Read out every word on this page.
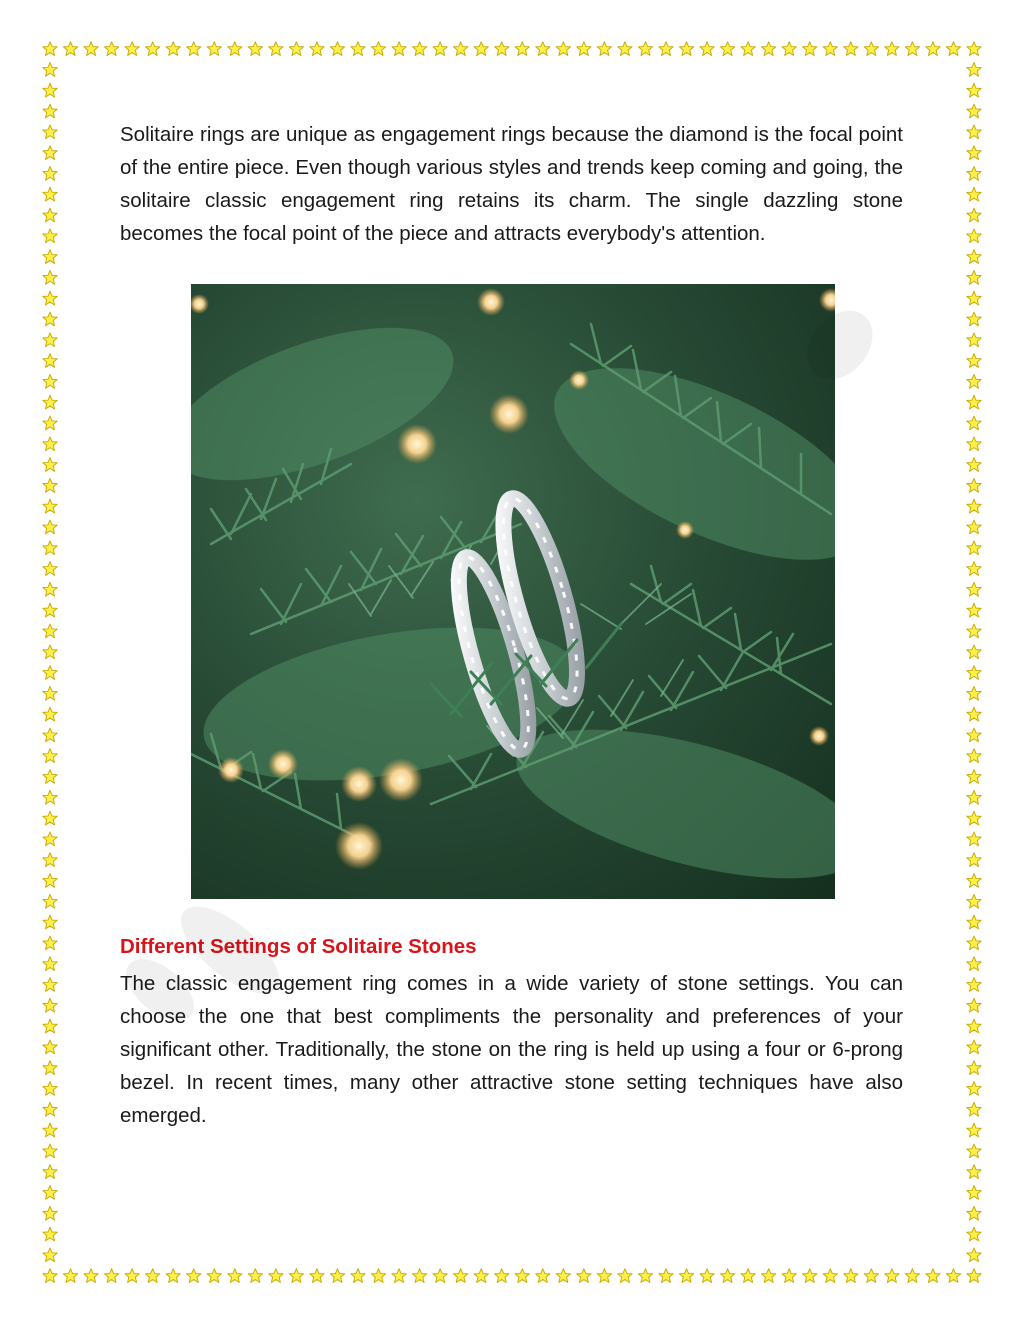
Solitaire rings are unique as engagement rings because the diamond is the focal point of the entire piece. Even though various styles and trends keep coming and going, the solitaire classic engagement ring retains its charm. The single dazzling stone becomes the focal point of the piece and attracts everybody's attention.

Different Settings of Solitaire Stones

The classic engagement ring comes in a wide variety of stone settings. You can choose the one that best compliments the personality and preferences of your significant other. Traditionally, the stone on the ring is held up using a four or 6-prong bezel. In recent times, many other attractive stone setting techniques have also emerged.
